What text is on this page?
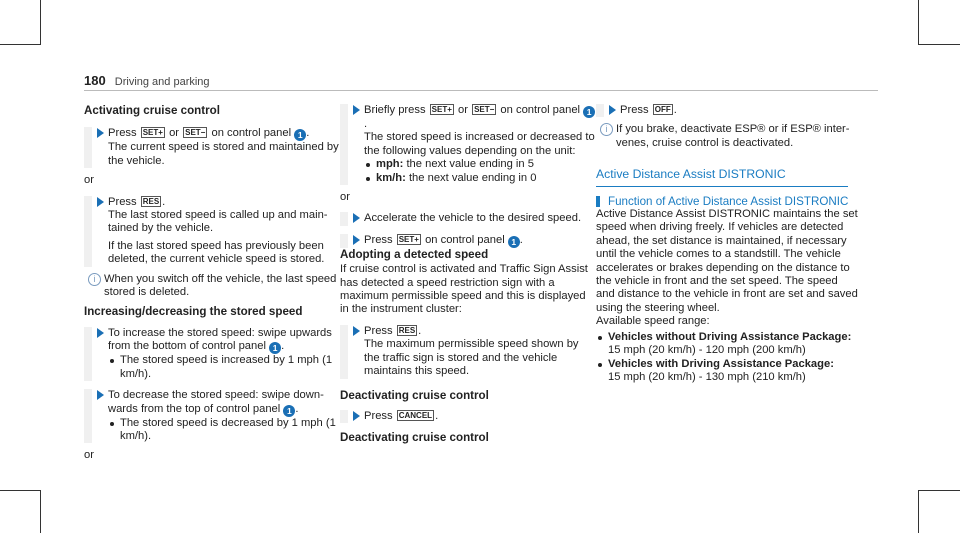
180 Driving and parking
Activating cruise control
Press SET+ or SET− on control panel 1 .
The current speed is stored and maintained by the vehicle.
or
Press RES .
The last stored speed is called up and main-tained by the vehicle.
If the last stored speed has previously been deleted, the current vehicle speed is stored.
i When you switch off the vehicle, the last speed stored is deleted.
Increasing/decreasing the stored speed
To increase the stored speed: swipe upwards from the bottom of control panel 1 .
The stored speed is increased by 1 mph (1 km/h).
To decrease the stored speed: swipe down-wards from the top of control panel 1 .
The stored speed is decreased by 1 mph (1 km/h).
or
Briefly press SET+ or SET− on control panel 1.
The stored speed is increased or decreased to the following values depending on the unit:
mph: the next value ending in 5
km/h: the next value ending in 0
or
Accelerate the vehicle to the desired speed.
Press SET+ on control panel 1 .
Adopting a detected speed
If cruise control is activated and Traffic Sign Assist has detected a speed restriction sign with a maximum permissible speed and this is displayed in the instrument cluster:
Press RES .
The maximum permissible speed shown by the traffic sign is stored and the vehicle maintains this speed.
Deactivating cruise control
Press CANCEL .
Deactivating cruise control
Press OFF .
i If you brake, deactivate ESP® or if ESP® inter-venes, cruise control is deactivated.
Active Distance Assist DISTRONIC
Function of Active Distance Assist DISTRONIC
Active Distance Assist DISTRONIC maintains the set speed when driving freely. If vehicles are detected ahead, the set distance is maintained, if necessary until the vehicle comes to a standstill. The vehicle accelerates or brakes depending on the distance to the vehicle in front and the set speed. The speed and distance to the vehicle in front are set and saved using the steering wheel.
Available speed range:
Vehicles without Driving Assistance Package:
15 mph (20 km/h) - 120 mph (200 km/h)
Vehicles with Driving Assistance Package:
15 mph (20 km/h) - 130 mph (210 km/h)
